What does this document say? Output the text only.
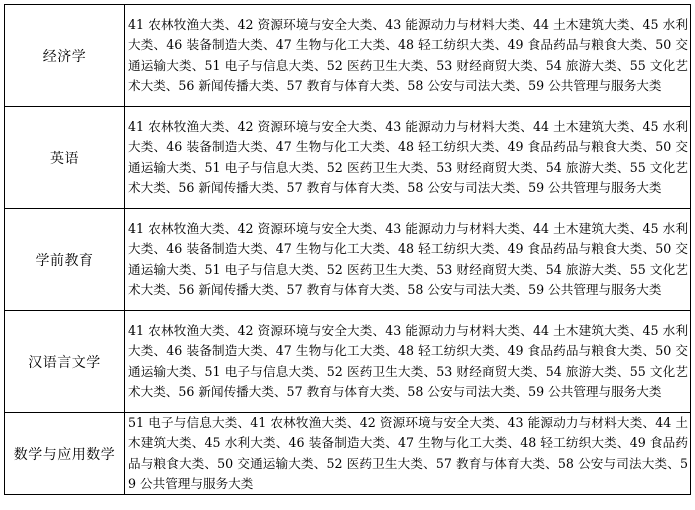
经济学	41 农林牧渔大类、42 资源环境与安全大类、43 能源动力与材料大类、44 土木建筑大类、45 水利大类、46 装备制造大类、47 生物与化工大类、48 轻工纺织大类、49 食品药品与粮食大类、50 交通运输大类、51 电子与信息大类、52 医药卫生大类、53 财经商贸大类、54 旅游大类、55 文化艺术大类、56 新闻传播大类、57 教育与体育大类、58 公安与司法大类、59 公共管理与服务大类
英语	41 农林牧渔大类、42 资源环境与安全大类、43 能源动力与材料大类、44 土木建筑大类、45 水利大类、46 装备制造大类、47 生物与化工大类、48 轻工纺织大类、49 食品药品与粮食大类、50 交通运输大类、51 电子与信息大类、52 医药卫生大类、53 财经商贸大类、54 旅游大类、55 文化艺术大类、56 新闻传播大类、57 教育与体育大类、58 公安与司法大类、59 公共管理与服务大类
学前教育	41 农林牧渔大类、42 资源环境与安全大类、43 能源动力与材料大类、44 土木建筑大类、45 水利大类、46 装备制造大类、47 生物与化工大类、48 轻工纺织大类、49 食品药品与粮食大类、50 交通运输大类、51 电子与信息大类、52 医药卫生大类、53 财经商贸大类、54 旅游大类、55 文化艺术大类、56 新闻传播大类、57 教育与体育大类、58 公安与司法大类、59 公共管理与服务大类
汉语言文学	41 农林牧渔大类、42 资源环境与安全大类、43 能源动力与材料大类、44 土木建筑大类、45 水利大类、46 装备制造大类、47 生物与化工大类、48 轻工纺织大类、49 食品药品与粮食大类、50 交通运输大类、51 电子与信息大类、52 医药卫生大类、53 财经商贸大类、54 旅游大类、55 文化艺术大类、56 新闻传播大类、57 教育与体育大类、58 公安与司法大类、59 公共管理与服务大类
数学与应用数学	51 电子与信息大类、41 农林牧渔大类、42 资源环境与安全大类、43 能源动力与材料大类、44 土木建筑大类、45 水利大类、46 装备制造大类、47 生物与化工大类、48 轻工纺织大类、49 食品药品与粮食大类、50 交通运输大类、52 医药卫生大类、57 教育与体育大类、58 公安与司法大类、59 公共管理与服务大类
